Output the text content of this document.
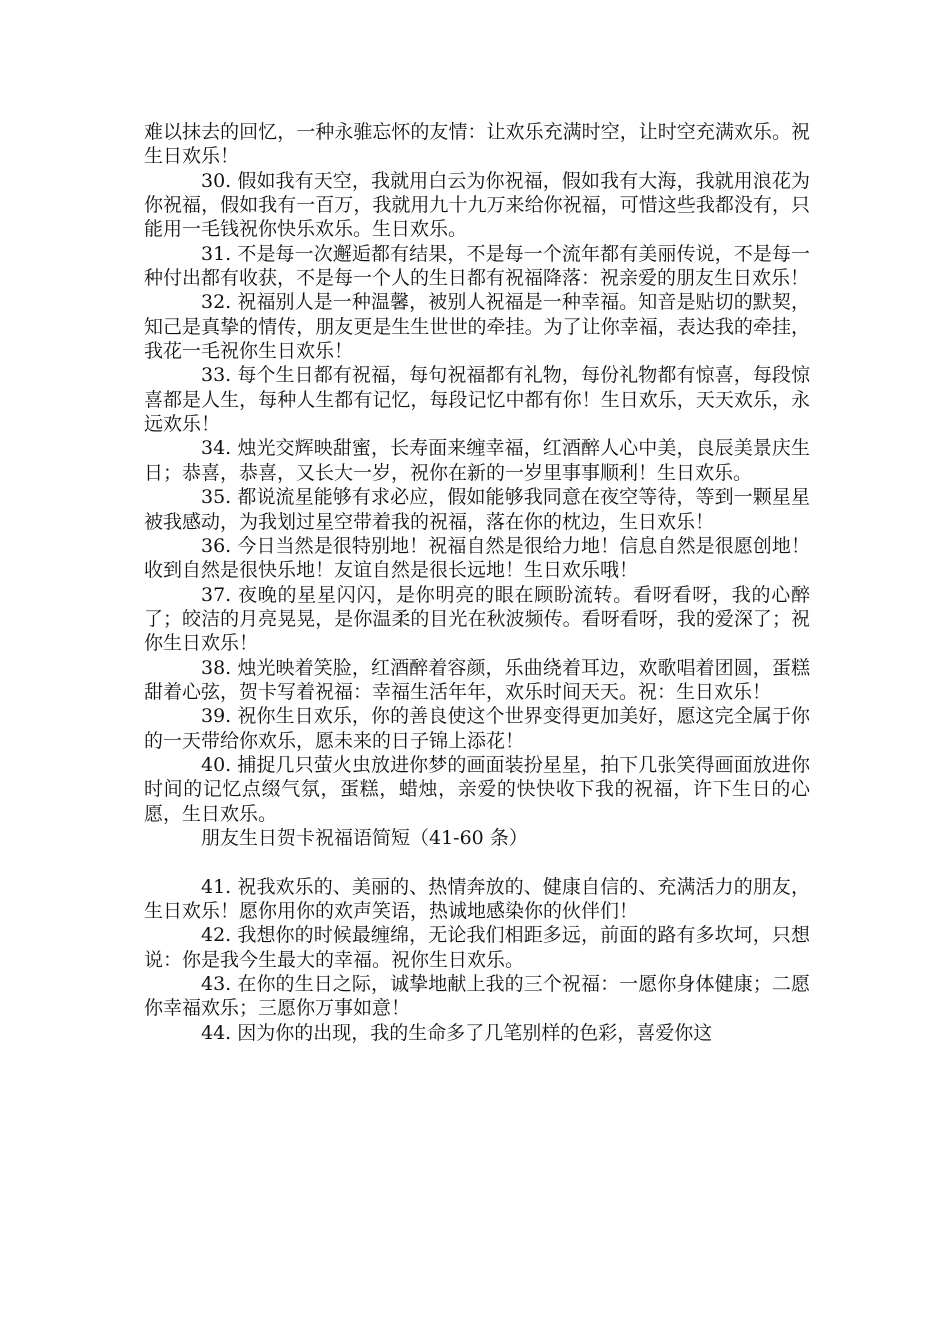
难以抹去的回忆，一种永骓忘怀的友情：让欢乐充满时空，让时空充满欢乐。祝生日欢乐！

30. 假如我有天空，我就用白云为你祝福，假如我有大海，我就用浪花为你祝福，假如我有一百万，我就用九十九万来给你祝福，可惜这些我都没有，只能用一毛钱祝你快乐欢乐。生日欢乐。

31. 不是每一次邂逅都有结果，不是每一个流年都有美丽传说，不是每一种付出都有收获，不是每一个人的生日都有祝福降落：祝亲爱的朋友生日欢乐！

32. 祝福别人是一种温馨，被别人祝福是一种幸福。知音是贴切的默契，知己是真挚的情传，朋友更是生生世世的牵挂。为了让你幸福，表达我的牵挂，我花一毛祝你生日欢乐！

33. 每个生日都有祝福，每句祝福都有礼物，每份礼物都有惊喜，每段惊喜都是人生，每种人生都有记忆，每段记忆中都有你！生日欢乐，天天欢乐，永远欢乐！

34. 烛光交辉映甜蜜，长寿面来缠幸福，红酒醉人心中美，良辰美景庆生日；恭喜，恭喜，又长大一岁，祝你在新的一岁里事事顺利！生日欢乐。

35. 都说流星能够有求必应，假如能够我同意在夜空等待，等到一颗星星被我感动，为我划过星空带着我的祝福，落在你的枕边，生日欢乐！

36. 今日当然是很特别地！祝福自然是很给力地！信息自然是很愿创地！收到自然是很快乐地！友谊自然是很长远地！生日欢乐哦！

37. 夜晚的星星闪闪，是你明亮的眼在顾盼流转。看呀看呀，我的心醉了；皎洁的月亮晃晃，是你温柔的目光在秋波频传。看呀看呀，我的爱深了；祝你生日欢乐！

38. 烛光映着笑脸，红酒醉着容颜，乐曲绕着耳边，欢歌唱着团圆，蛋糕甜着心弦，贺卡写着祝福：幸福生活年年，欢乐时间天天。祝：生日欢乐！

39. 祝你生日欢乐，你的善良使这个世界变得更加美好，愿这完全属于你的一天带给你欢乐，愿未来的日子锦上添花！

40. 捕捉几只萤火虫放进你梦的画面装扮星星，拍下几张笑得画面放进你时间的记忆点缀气氛，蛋糕，蜡烛，亲爱的快快收下我的祝福，许下生日的心愿，生日欢乐。

朋友生日贺卡祝福语简短（41-60 条）

41. 祝我欢乐的、美丽的、热情奔放的、健康自信的、充满活力的朋友，生日欢乐！愿你用你的欢声笑语，热诚地感染你的伙伴们！

42. 我想你的时候最缠绵，无论我们相距多远，前面的路有多坎坷，只想说：你是我今生最大的幸福。祝你生日欢乐。

43. 在你的生日之际，诚挚地献上我的三个祝福：一愿你身体健康；二愿你幸福欢乐；三愿你万事如意！

44. 因为你的出现，我的生命多了几笔别样的色彩，喜爱你这
